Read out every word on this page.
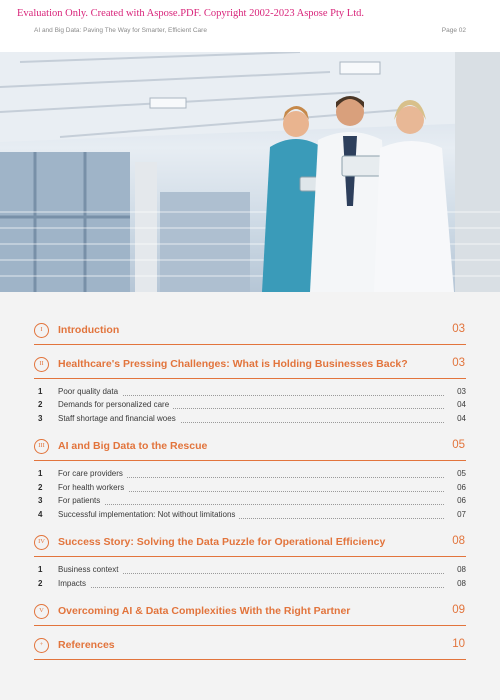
Evaluation Only. Created with Aspose.PDF. Copyright 2002-2023 Aspose Pty Ltd.
AI and Big Data: Paving The Way for Smarter, Efficient Care	Page 02
I	Introduction	03
II	Healthcare's Pressing Challenges: What is Holding Businesses Back?	03
1 Poor quality data	03
2 Demands for personalized care	04
3 Staff shortage and financial woes	04
III	AI and Big Data to the Rescue	05
1 For care providers	05
2 For health workers	06
3 For patients	06
4 Successful implementation: Not without limitations	07
IV	Success Story: Solving the Data Puzzle for Operational Efficiency	08
1 Business context	08
2 Impacts	08
V	Overcoming AI & Data Complexities With the Right Partner	09
+	References	10
